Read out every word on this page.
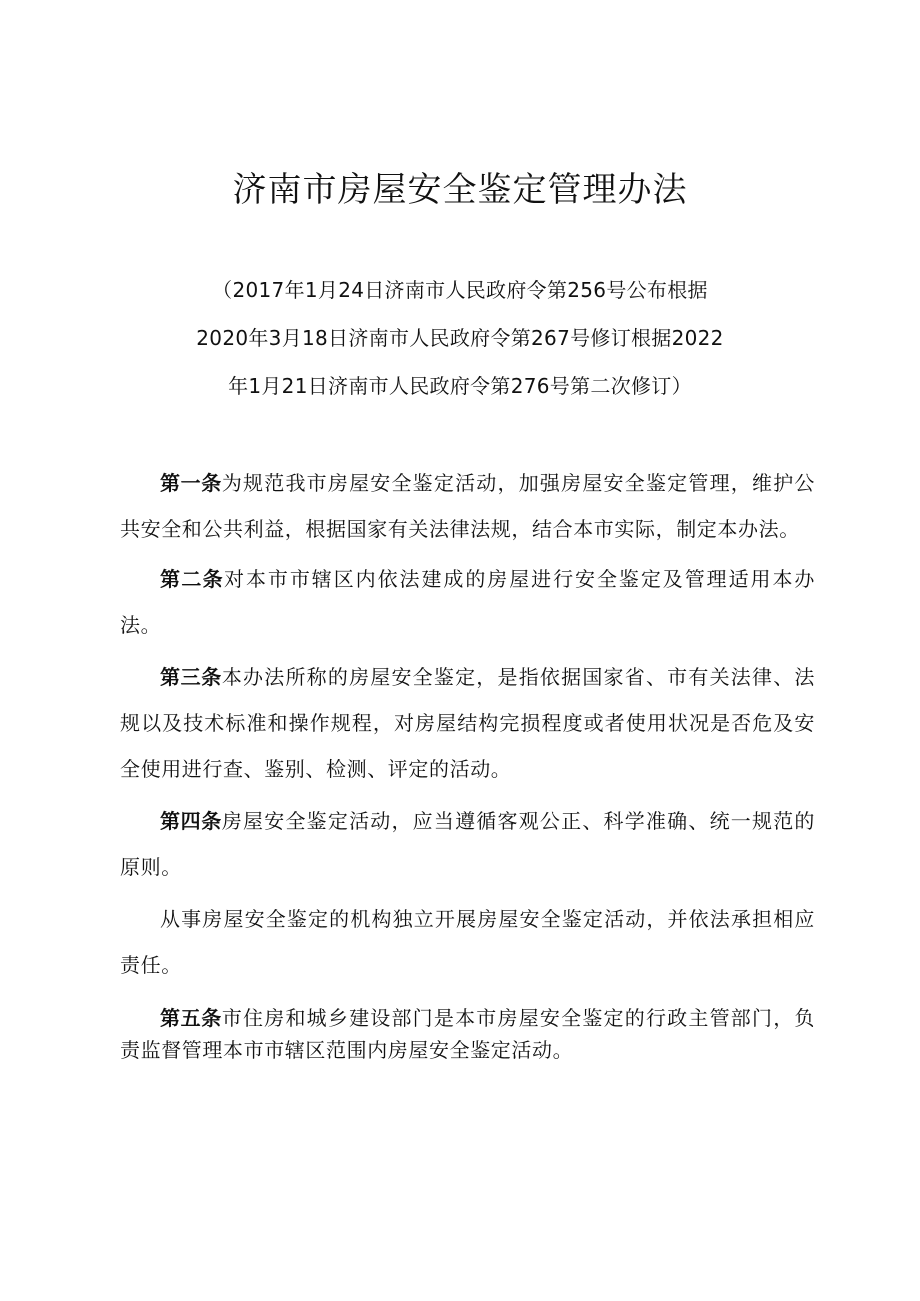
济南市房屋安全鉴定管理办法
（2017年1月24日济南市人民政府令第256号公布根据
2020年3月18日济南市人民政府令第267号修订根据2022
年1月21日济南市人民政府令第276号第二次修订）

第一条为规范我市房屋安全鉴定活动，加强房屋安全鉴定管理，维护公共安全和公共利益，根据国家有关法律法规，结合本市实际，制定本办法。

第二条对本市市辖区内依法建成的房屋进行安全鉴定及管理适用本办法。

第三条本办法所称的房屋安全鉴定，是指依据国家省、市有关法律、法规以及技术标准和操作规程，对房屋结构完损程度或者使用状况是否危及安全使用进行查、鉴别、检测、评定的活动。

第四条房屋安全鉴定活动，应当遵循客观公正、科学准确、统一规范的原则。

从事房屋安全鉴定的机构独立开展房屋安全鉴定活动，并依法承担相应责任。

第五条市住房和城乡建设部门是本市房屋安全鉴定的行政主管部门，负责监督管理本市市辖区范围内房屋安全鉴定活动。
